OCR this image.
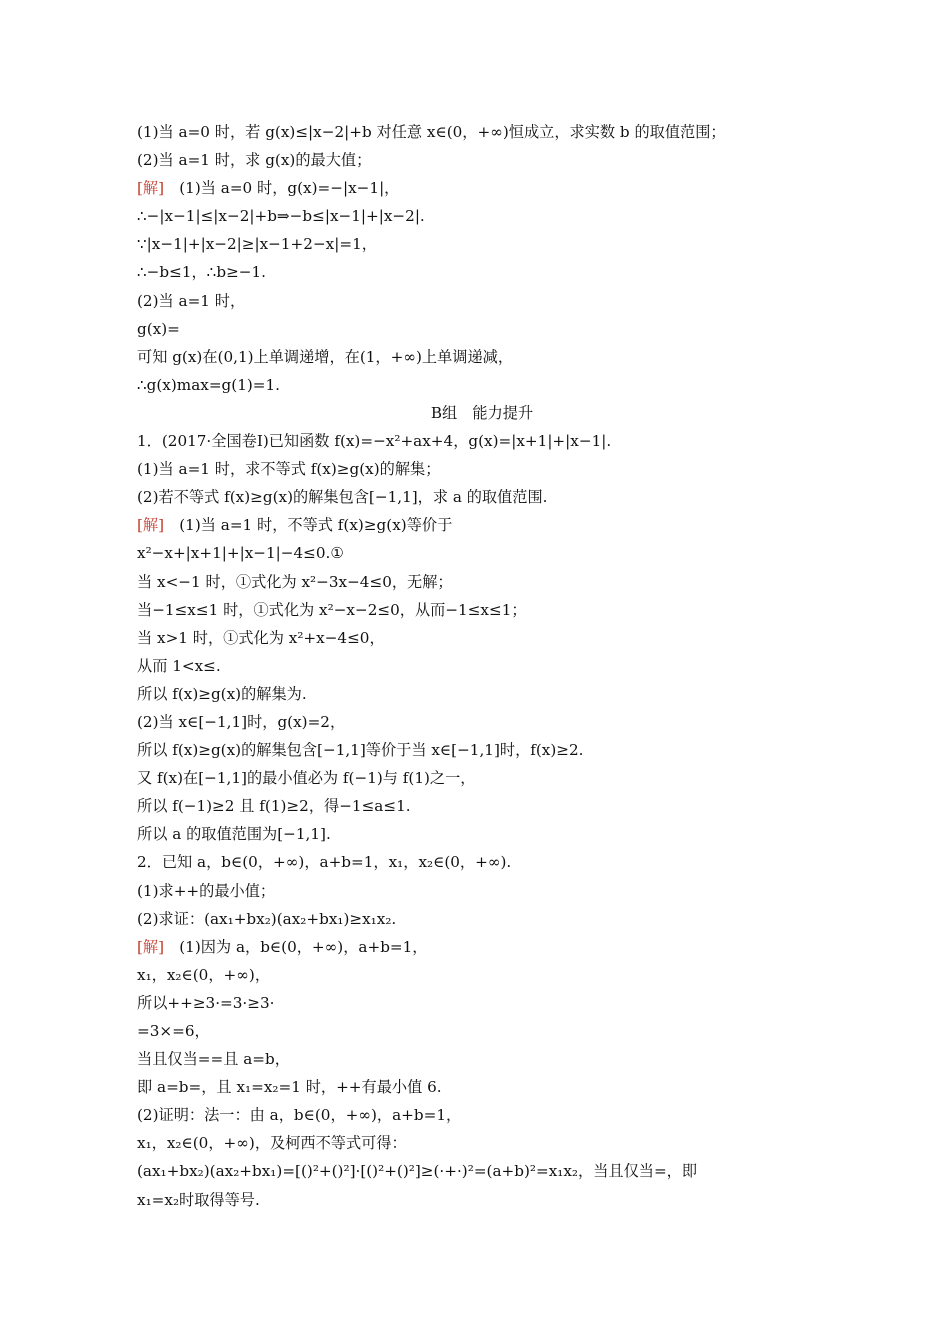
(1)当 a=0 时，若 g(x)≤|x−2|+b 对任意 x∈(0，+∞)恒成立，求实数 b 的取值范围；
(2)当 a=1 时，求 g(x)的最大值；
[解]　(1)当 a=0 时，g(x)=−|x−1|，
∴−|x−1|≤|x−2|+b⇒−b≤|x−1|+|x−2|.
∵|x−1|+|x−2|≥|x−1+2−x|=1，
∴−b≤1，∴b≥−1.
(2)当 a=1 时，
g(x)=
可知 g(x)在(0,1)上单调递增，在(1，+∞)上单调递减，
∴g(x)max=g(1)=1.
B组　能力提升
1．(2017·全国卷Ⅰ)已知函数 f(x)=−x²+ax+4，g(x)=|x+1|+|x−1|.
(1)当 a=1 时，求不等式 f(x)≥g(x)的解集；
(2)若不等式 f(x)≥g(x)的解集包含[−1,1]，求 a 的取值范围.
[解]　(1)当 a=1 时，不等式 f(x)≥g(x)等价于
x²−x+|x+1|+|x−1|−4≤0.①
当 x<−1 时，①式化为 x²−3x−4≤0，无解；
当−1≤x≤1 时，①式化为 x²−x−2≤0，从而−1≤x≤1；
当 x>1 时，①式化为 x²+x−4≤0，
从而 1<x≤.
所以 f(x)≥g(x)的解集为.
(2)当 x∈[−1,1]时，g(x)=2，
所以 f(x)≥g(x)的解集包含[−1,1]等价于当 x∈[−1,1]时，f(x)≥2.
又 f(x)在[−1,1]的最小值必为 f(−1)与 f(1)之一，
所以 f(−1)≥2 且 f(1)≥2，得−1≤a≤1.
所以 a 的取值范围为[−1,1].
2．已知 a，b∈(0，+∞)，a+b=1，x₁，x₂∈(0，+∞).
(1)求++的最小值；
(2)求证：(ax₁+bx₂)(ax₂+bx₁)≥x₁x₂.
[解]　(1)因为 a，b∈(0，+∞)，a+b=1，
x₁，x₂∈(0，+∞)，
所以++≥3·=3·≥3·
=3×=6，
当且仅当==且 a=b，
即 a=b=，且 x₁=x₂=1 时，++有最小值 6.
(2)证明：法一：由 a，b∈(0，+∞)，a+b=1，
x₁，x₂∈(0，+∞)，及柯西不等式可得：
(ax₁+bx₂)(ax₂+bx₁)=[()²+()²]·[()²+()²]≥(·+·)²=(a+b)²=x₁x₂，当且仅当=，即
x₁=x₂时取得等号.
